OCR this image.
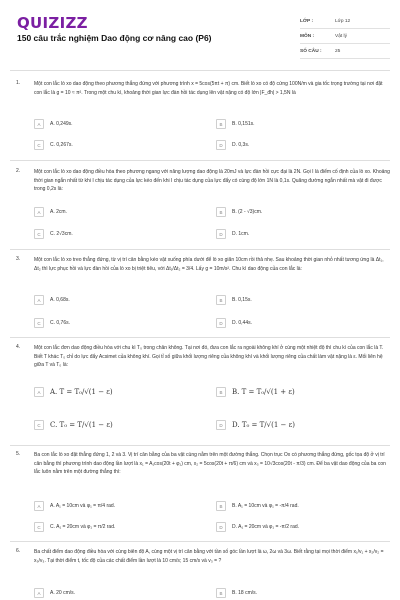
QUIZIZZ
150 câu trắc nghiệm Dao động cơ nâng cao (P6)
LỚP :	Lớp 12
MÔN :	Vật lý
SỐ CÂU :	25
1.	Một con lắc lò xo dao động theo phương thẳng đứng với phương trình x = 5cos(5πt + π) cm. Biết lò xo có độ cứng 100N/m và gia tốc trọng trường tại nơi đặt con lắc là g = 10 ≈ π². Trong một chu kì, khoảng thời gian lực đàn hồi tác dụng lên vật nặng có độ lớn |F_đh| > 1,5N là
A	A. 0,249s.	B	B. 0,151s.
C	C. 0,267s.	D	D. 0,3s.
2.	Một con lắc lò xo dao động điều hòa theo phương ngang với năng lượng dao động là 20mJ và lực đàn hồi cực đại là 2N. Gọi I là điểm cố định của lò xo. Khoảng thời gian ngắn nhất từ khi I chịu tác dụng của lực kéo đến khi I chịu tác dụng của lực đẩy có cùng độ lớn 1N là 0,1s. Quãng đường ngắn nhất mà vật đi được trong 0,2s là:
A	A. 2cm.	B	B. (2 - √3)cm.
C	C. 2√3cm.	D	D. 1cm.
3.	Một con lắc lò xo treo thẳng đứng, từ vị trí cân bằng kéo vật xuống phía dưới để lò xo giãn 10cm rồi thả nhẹ. Sau khoảng thời gian nhỏ nhất tương ứng là Δt₁, Δt₂ thì lực phục hồi và lực đàn hồi của lò xo bị triệt tiêu, với Δt₁/Δt₂ = 3/4. Lấy g = 10m/s². Chu kì dao động của con lắc là:
A	A. 0,68s.	B	B. 0,15s.
C	C. 0,76s.	D	D. 0,44s.
4.	Một con lắc đơn dao động điều hòa với chu kì T₀ trong chân không. Tại nơi đó, đưa con lắc ra ngoài không khí ở cùng một nhiệt độ thì chu kì của con lắc là T. Biết T khác T₀ chỉ do lực đẩy Acsimet của không khí. Gọi tỉ số giữa khối lượng riêng của không khí và khối lượng riêng của chất làm vật nặng là ε. Mối liên hệ giữa T và T₀ là:
A	A. T = T₀/√(1 − ε)	B	B. T = T₀/√(1 + ε)
C	C. T₀ = T/√(1 − ε)	D	D. T₀ = T/√(1 − ε)
5.	Ba con lắc lò xo đặt thẳng đứng 1, 2 và 3. Vị trí cân bằng của ba vật cùng nằm trên một đường thẳng. Chọn trục Ox có phương thẳng đứng, gốc tọa độ ở vị trí cân bằng thì phương trình dao động lần lượt là x₁ = A₁cos(20t + φ₁) cm, x₂ = 5cos(20t + π/6) cm và x₃ = 10√3cos(20t - π/3) cm. Để ba vật dao động của ba con lắc luôn nằm trên một đường thẳng thì:
A	A. A₁ = 10cm và φ₁ = π/4 rad.	B	B. A₁ = 10cm và φ₁ = -π/4 rad.
C	C. A₁ = 20cm và φ₁ = π/2 rad.	D	D. A₁ = 20cm và φ₁ = -π/2 rad.
6.	Ba chất điểm dao động điều hòa với cùng biên độ A, cùng một vị trí cân bằng với tần số góc lần lượt là ω, 2ω và 3ω. Biết rằng tại mọi thời điểm x₁/v₁ + x₂/v₂ = x₃/v₃. Tại thời điểm t, tốc độ của các chất điểm lần lượt là 10 cm/s; 15 cm/s và v₃ = ?
A	A. 20 cm/s.	B	B. 18 cm/s.
